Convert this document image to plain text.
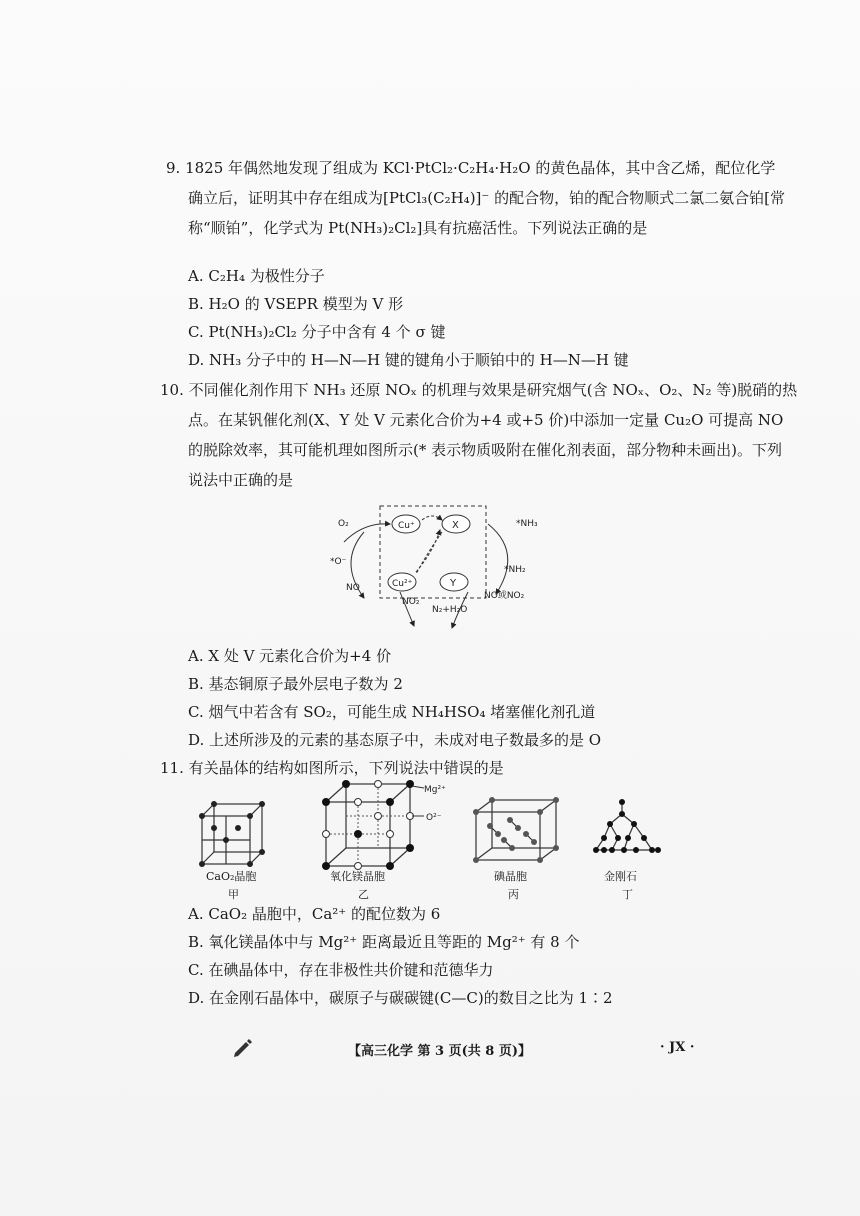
9. 1825 年偶然地发现了组成为 KCl·PtCl₂·C₂H₄·H₂O 的黄色晶体，其中含乙烯，配位化学
确立后，证明其中存在组成为[PtCl₃(C₂H₄)]⁻ 的配合物，铂的配合物顺式二氯二氨合铂[常
称“顺铂”，化学式为 Pt(NH₃)₂Cl₂]具有抗癌活性。下列说法正确的是
A. C₂H₄ 为极性分子
B. H₂O 的 VSEPR 模型为 V 形
C. Pt(NH₃)₂Cl₂ 分子中含有 4 个 σ 键
D. NH₃ 分子中的 H—N—H 键的键角小于顺铂中的 H—N—H 键
10. 不同催化剂作用下 NH₃ 还原 NOₓ 的机理与效果是研究烟气(含 NOₓ、O₂、N₂ 等)脱硝的热
点。在某钒催化剂(X、Y 处 V 元素化合价为+4 或+5 价)中添加一定量 Cu₂O 可提高 NO
的脱除效率，其可能机理如图所示(* 表示物质吸附在催化剂表面，部分物种未画出)。下列
说法中正确的是
Cu⁺	X
Cu²⁺	Y
O₂	*NH₃
*O⁻
NO
*NH₂
NO₂
N₂+H₂O
NO或NO₂
A. X 处 V 元素化合价为+4 价
B. 基态铜原子最外层电子数为 2
C. 烟气中若含有 SO₂，可能生成 NH₄HSO₄ 堵塞催化剂孔道
D. 上述所涉及的元素的基态原子中，未成对电子数最多的是 O
11. 有关晶体的结构如图所示，下列说法中错误的是
CaO₂晶胞
甲
Mg²⁺
O²⁻
氧化镁晶胞
乙
碘晶胞
丙
金刚石
丁
A. CaO₂ 晶胞中，Ca²⁺ 的配位数为 6
B. 氧化镁晶体中与 Mg²⁺ 距离最近且等距的 Mg²⁺ 有 8 个
C. 在碘晶体中，存在非极性共价键和范德华力
D. 在金刚石晶体中，碳原子与碳碳键(C—C)的数目之比为 1∶2
【高三化学 第 3 页(共 8 页)】	· JX ·
